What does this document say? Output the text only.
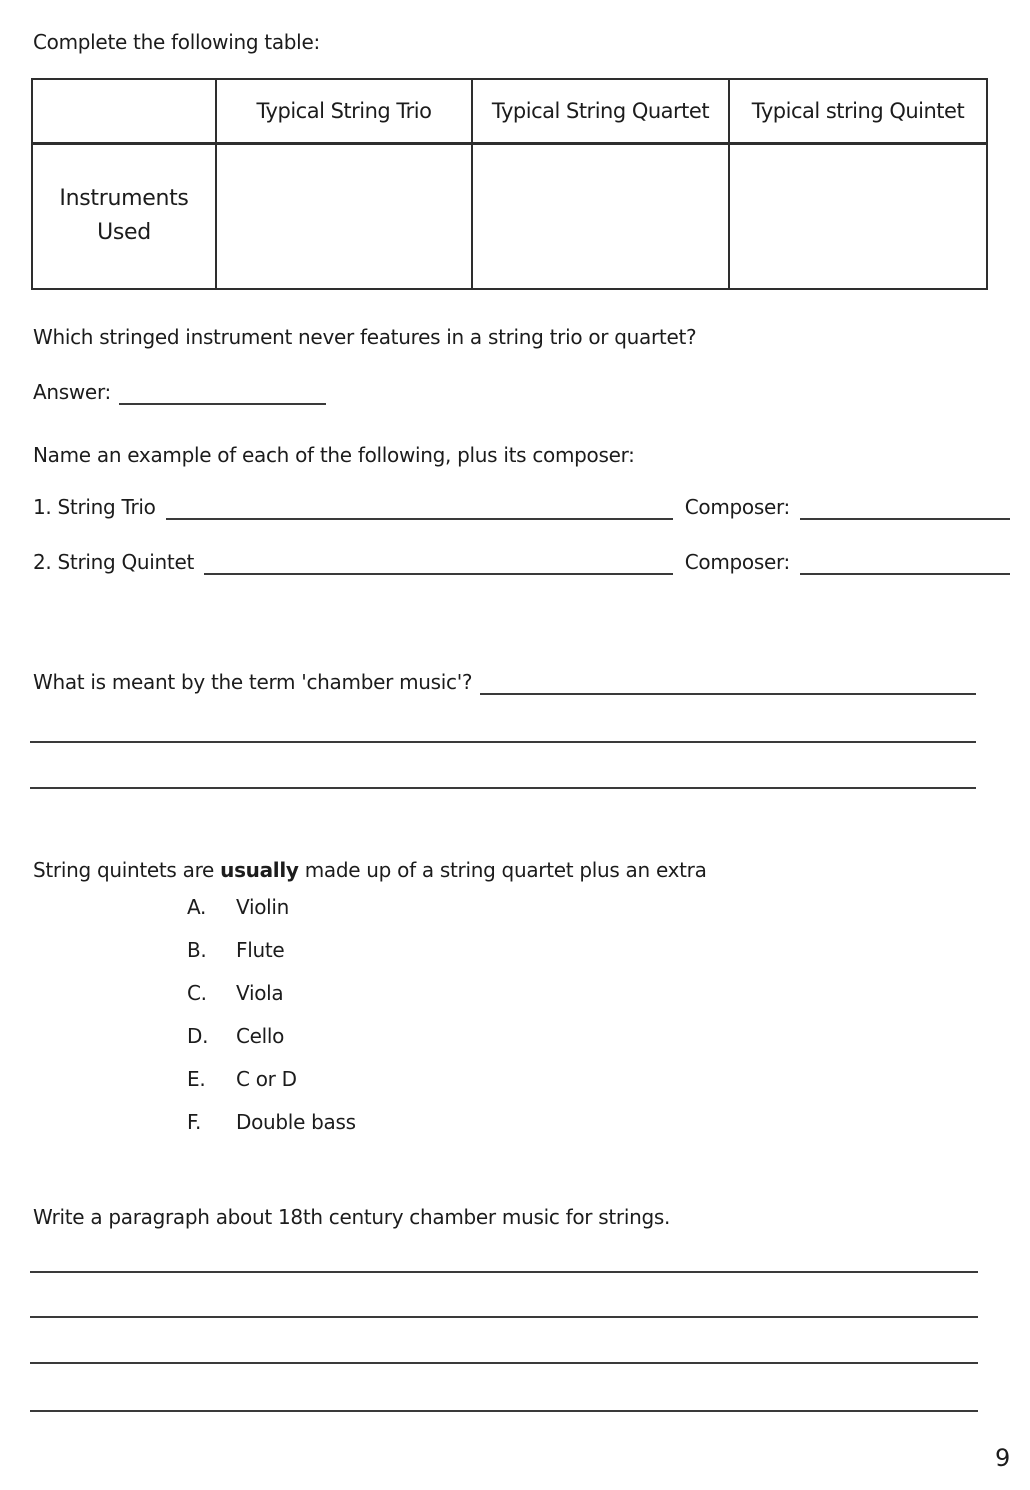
Complete the following table:
	Typical String Trio	Typical String Quartet	Typical string Quintet
Instruments Used			
Which stringed instrument never features in a string trio or quartet?
Answer:
Name an example of each of the following, plus its composer:
1. String Trio	Composer:
2. String Quintet	Composer:
What is meant by the term 'chamber music'?
String quintets are usually made up of a string quartet plus an extra
A.	Violin
B.	Flute
C.	Viola
D.	Cello
E.	C or D
F.	Double bass
Write a paragraph about 18th century chamber music for strings.
9
